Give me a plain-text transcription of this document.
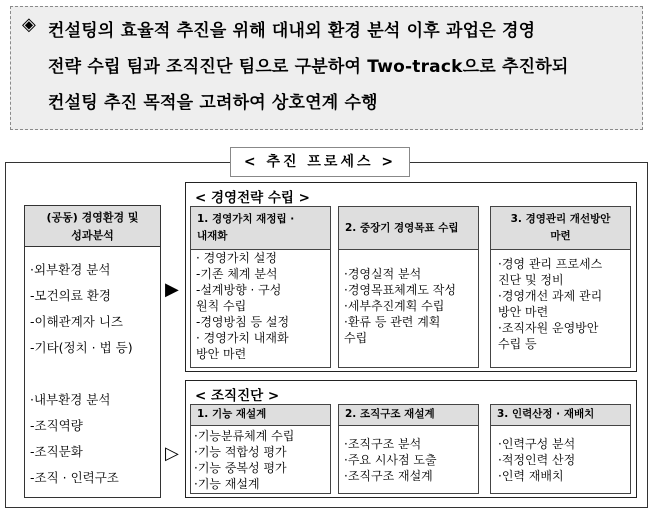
◈ 컨설팅의 효율적 추진을 위해 대내외 환경 분석 이후 과업은 경영
전략 수립 팀과 조직진단 팀으로 구분하여 Two-track으로 추진하되
컨설팅 추진 목적을 고려하여 상호연계 수행
< 추진 프로세스 >
(공동) 경영환경 및
성과분석
·외부환경 분석
-모건의료 환경
-이해관계자 니즈
-기타(정치 · 법 등)
·내부환경 분석
-조직역량
-조직문화
-조직 · 인력구조
▶
▷
< 경영전략 수립 >
1. 경영가치 재정립 ·
내재화
· 경영가치 설정
-기존 체계 분석
-설계방향 · 구성
원칙 수립
-경영방침 등 설정
· 경영가치 내재화
방안 마련
2. 중장기 경영목표 수립
·경영실적 분석
·경영목표체계도 작성
·세부추진계획 수립
·환류 등 관련 계획
수립
3. 경영관리 개선방안
마련
·경영 관리 프로세스
진단 및 정비
·경영개선 과제 관리
방안 마련
·조직자원 운영방안
수립 등
< 조직진단 >
1. 기능 재설계
·기능분류체계 수립
·기능 적합성 평가
·기능 중복성 평가
·기능 재설계
2. 조직구조 재설계
·조직구조 분석
·주요 시사점 도출
·조직구조 재설계
3. 인력산정 · 재배치
·인력구성 분석
·적정인력 산정
·인력 재배치
